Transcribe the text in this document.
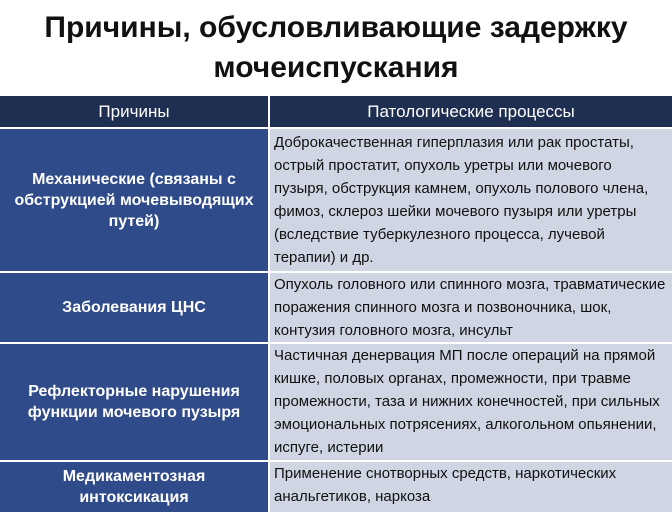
Причины, обусловливающие задержку
мочеиспускания
Причины	Патологические процессы
Механические (связаны с обструкцией мочевыводящих путей)	Доброкачественная гиперплазия или рак простаты, острый простатит, опухоль уретры или мочевого пузыря, обструкция камнем, опухоль полового члена, фимоз, склероз шейки мочевого пузыря или уретры (вследствие туберкулезного процесса, лучевой терапии) и др.
Заболевания ЦНС	Опухоль головного или спинного мозга, травматические поражения спинного мозга и позвоночника, шок, контузия головного мозга, инсульт
Рефлекторные нарушения функции мочевого пузыря	Частичная денервация МП после операций на прямой кишке, половых органах, промежности, при травме промежности, таза и нижних конечностей, при сильных эмоциональных потрясениях, алкогольном опьянении, испуге, истерии
Медикаментозная интоксикация	Применение снотворных средств, наркотических анальгетиков, наркоза
